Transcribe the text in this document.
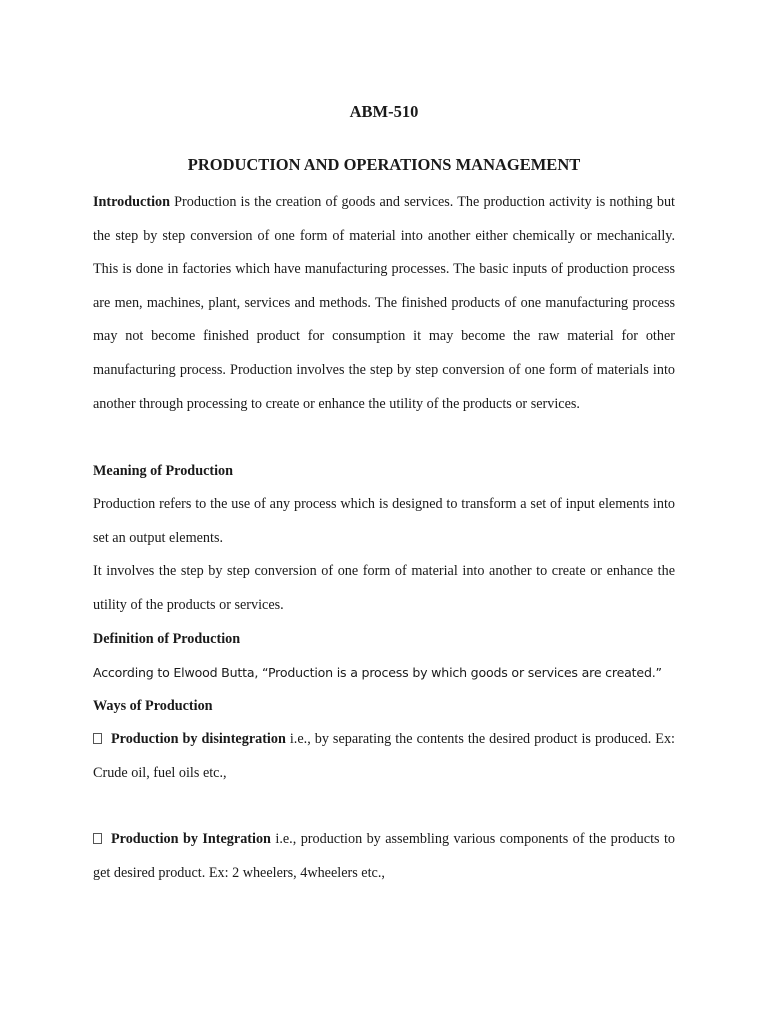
ABM-510
PRODUCTION AND OPERATIONS MANAGEMENT
Introduction Production is the creation of goods and services. The production activity is nothing but the step by step conversion of one form of material into another either chemically or mechanically. This is done in factories which have manufacturing processes. The basic inputs of production process are men, machines, plant, services and methods. The finished products of one manufacturing process may not become finished product for consumption it may become the raw material for other manufacturing process. Production involves the step by step conversion of one form of materials into another through processing to create or enhance the utility of the products or services.
Meaning of Production
Production refers to the use of any process which is designed to transform a set of input elements into set an output elements.
It involves the step by step conversion of one form of material into another to create or enhance the utility of the products or services.
Definition of Production
According to Elwood Butta, “Production is a process by which goods or services are created.”
Ways of Production
Production by disintegration i.e., by separating the contents the desired product is produced. Ex: Crude oil, fuel oils etc.,
Production by Integration i.e., production by assembling various components of the products to get desired product. Ex: 2 wheelers, 4wheelers etc.,
